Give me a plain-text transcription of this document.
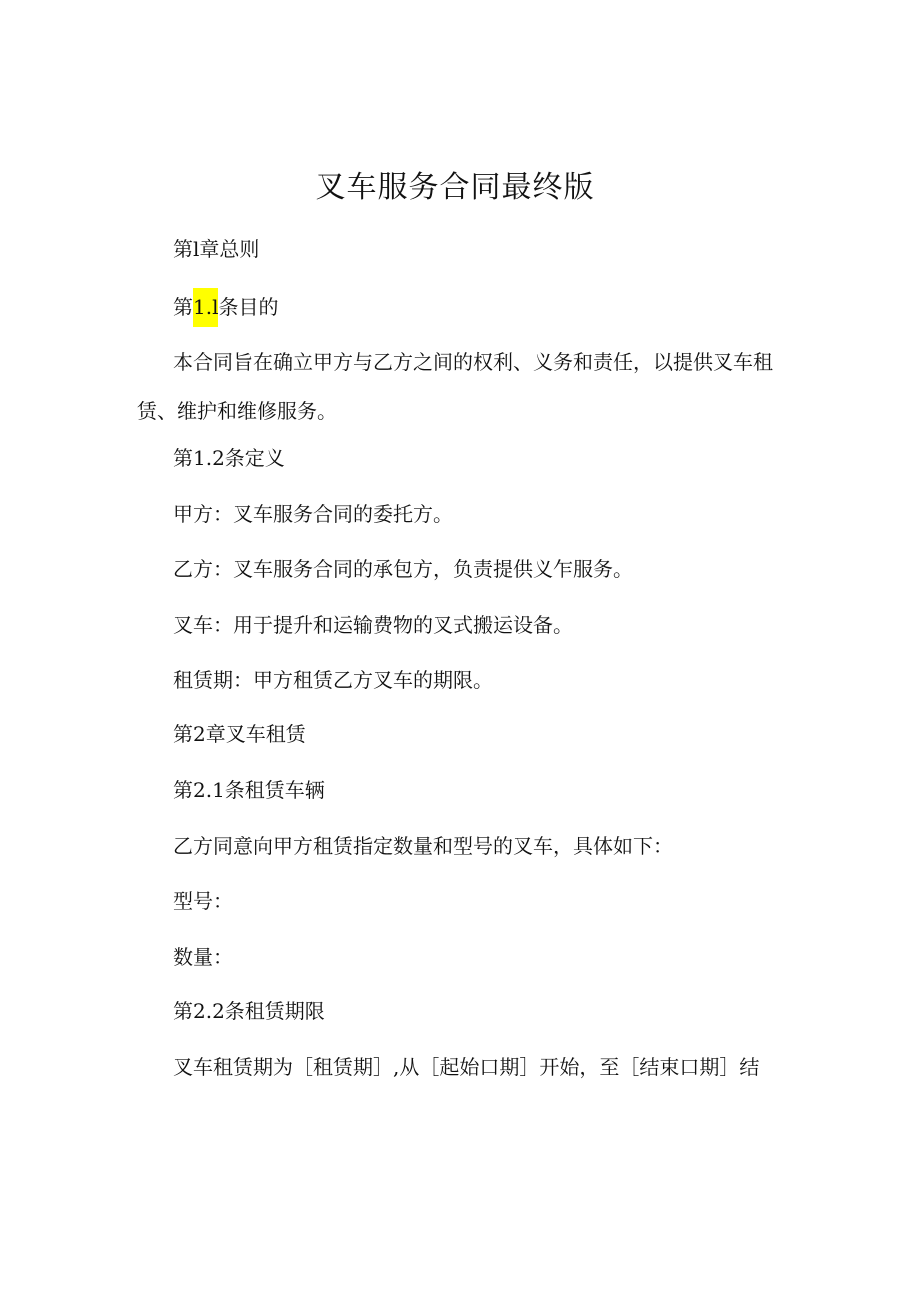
叉车服务合同最终版
第l章总则
第1.l条目的
本合同旨在确立甲方与乙方之间的权利、义务和责任，以提供叉车租赁、维护和维修服务。
第1.2条定义
甲方：叉车服务合同的委托方。
乙方：叉车服务合同的承包方，负责提供义乍服务。
叉车：用于提升和运输费物的叉式搬运设备。
租赁期：甲方租赁乙方叉车的期限。
第2章叉车租赁
第2.1条租赁车辆
乙方同意向甲方租赁指定数量和型号的叉车，具体如下：
型号：
数量：
第2.2条租赁期限
叉车租赁期为［租赁期］,从［起始口期］开始，至［结束口期］结
